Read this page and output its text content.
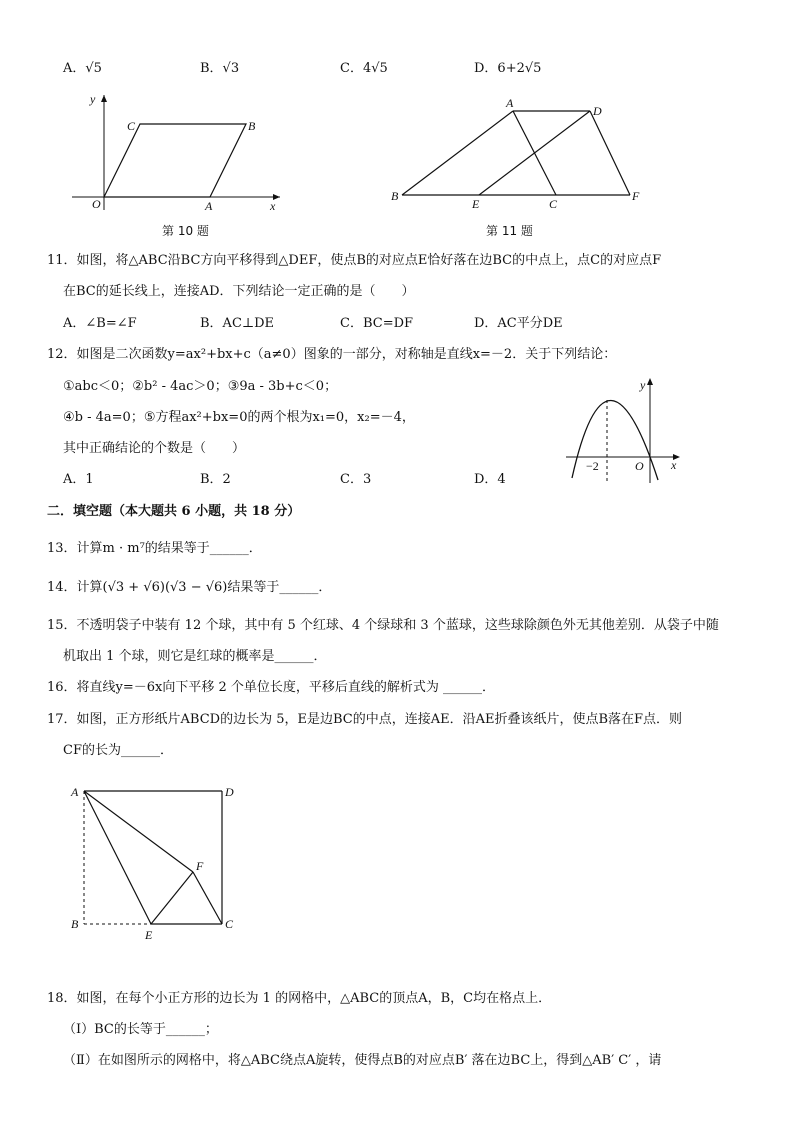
A．√5	B．√3	C．4√5	D．6+2√5
y
x
O	A
B
C
第 10 题
A
B
C
D
E
F
第 11 题
11．如图，将△ABC沿BC方向平移得到△DEF，使点B的对应点E恰好落在边BC的中点上，点C的对应点F
在BC的延长线上，连接AD．下列结论一定正确的是（　　）
A．∠B=∠F	B．AC⊥DE	C．BC=DF	D．AC平分DE
12．如图是二次函数y=ax²+bx+c（a≠0）图象的一部分，对称轴是直线x=－2．关于下列结论：
①abc＜0；②b² - 4ac＞0；③9a - 3b+c＜0；
④b - 4a=0；⑤方程ax²+bx=0的两个根为x₁=0，x₂=－4，
其中正确结论的个数是（　　）
A．1	B．2	C．3	D．4
y
x
O
−2
二．填空题（本大题共 6 小题，共 18 分）
13．计算m · m⁷的结果等于______．
14．计算(√3 + √6)(√3 − √6)结果等于______．
15．不透明袋子中装有 12 个球，其中有 5 个红球、4 个绿球和 3 个蓝球，这些球除颜色外无其他差别．从袋子中随
机取出 1 个球，则它是红球的概率是______．
16．将直线y=－6x向下平移 2 个单位长度，平移后直线的解析式为 ______．
17．如图，正方形纸片ABCD的边长为 5，E是边BC的中点，连接AE．沿AE折叠该纸片，使点B落在F点．则
CF的长为______．
A	D
B	C
E
F
18．如图，在每个小正方形的边长为 1 的网格中，△ABC的顶点A，B，C均在格点上．
（Ⅰ）BC的长等于______；
（Ⅱ）在如图所示的网格中，将△ABC绕点A旋转，使得点B的对应点B′ 落在边BC上，得到△AB′ C′ ，请
